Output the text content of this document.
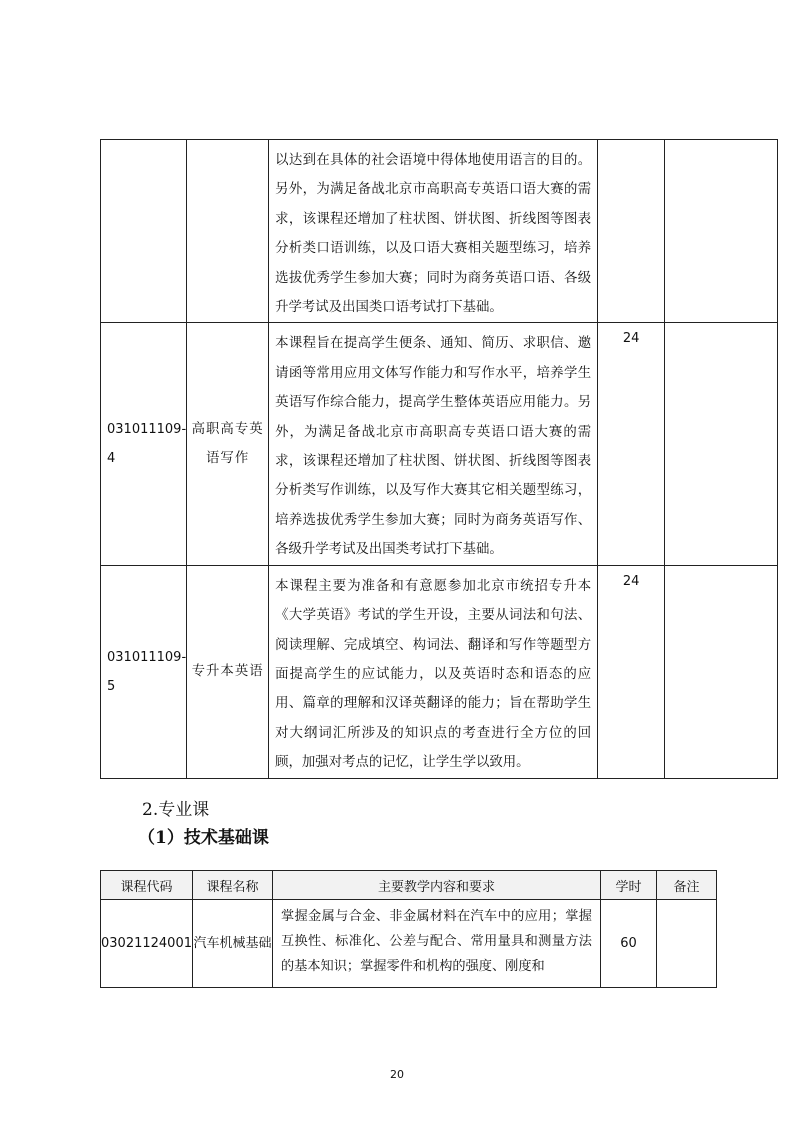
		以达到在具体的社会语境中得体地使用语言的目的。另外，为满足备战北京市高职高专英语口语大赛的需求，该课程还增加了柱状图、饼状图、折线图等图表分析类口语训练，以及口语大赛相关题型练习，培养选拔优秀学生参加大赛；同时为商务英语口语、各级升学考试及出国类口语考试打下基础。		
031011109-4	高职高专英语写作	本课程旨在提高学生便条、通知、简历、求职信、邀请函等常用应用文体写作能力和写作水平，培养学生英语写作综合能力，提高学生整体英语应用能力。另外，为满足备战北京市高职高专英语口语大赛的需求，该课程还增加了柱状图、饼状图、折线图等图表分析类写作训练，以及写作大赛其它相关题型练习，培养选拔优秀学生参加大赛；同时为商务英语写作、各级升学考试及出国类考试打下基础。	24	
031011109-5	专升本英语	本课程主要为准备和有意愿参加北京市统招专升本《大学英语》考试的学生开设，主要从词法和句法、阅读理解、完成填空、构词法、翻译和写作等题型方面提高学生的应试能力，以及英语时态和语态的应用、篇章的理解和汉译英翻译的能力；旨在帮助学生对大纲词汇所涉及的知识点的考查进行全方位的回顾，加强对考点的记忆，让学生学以致用。	24	
2.专业课
（1）技术基础课
课程代码	课程名称	主要教学内容和要求	学时	备注
03021124001	汽车机械基础	掌握金属与合金、非金属材料在汽车中的应用；掌握互换性、标准化、公差与配合、常用量具和测量方法的基本知识；掌握零件和机构的强度、刚度和	60	
20
